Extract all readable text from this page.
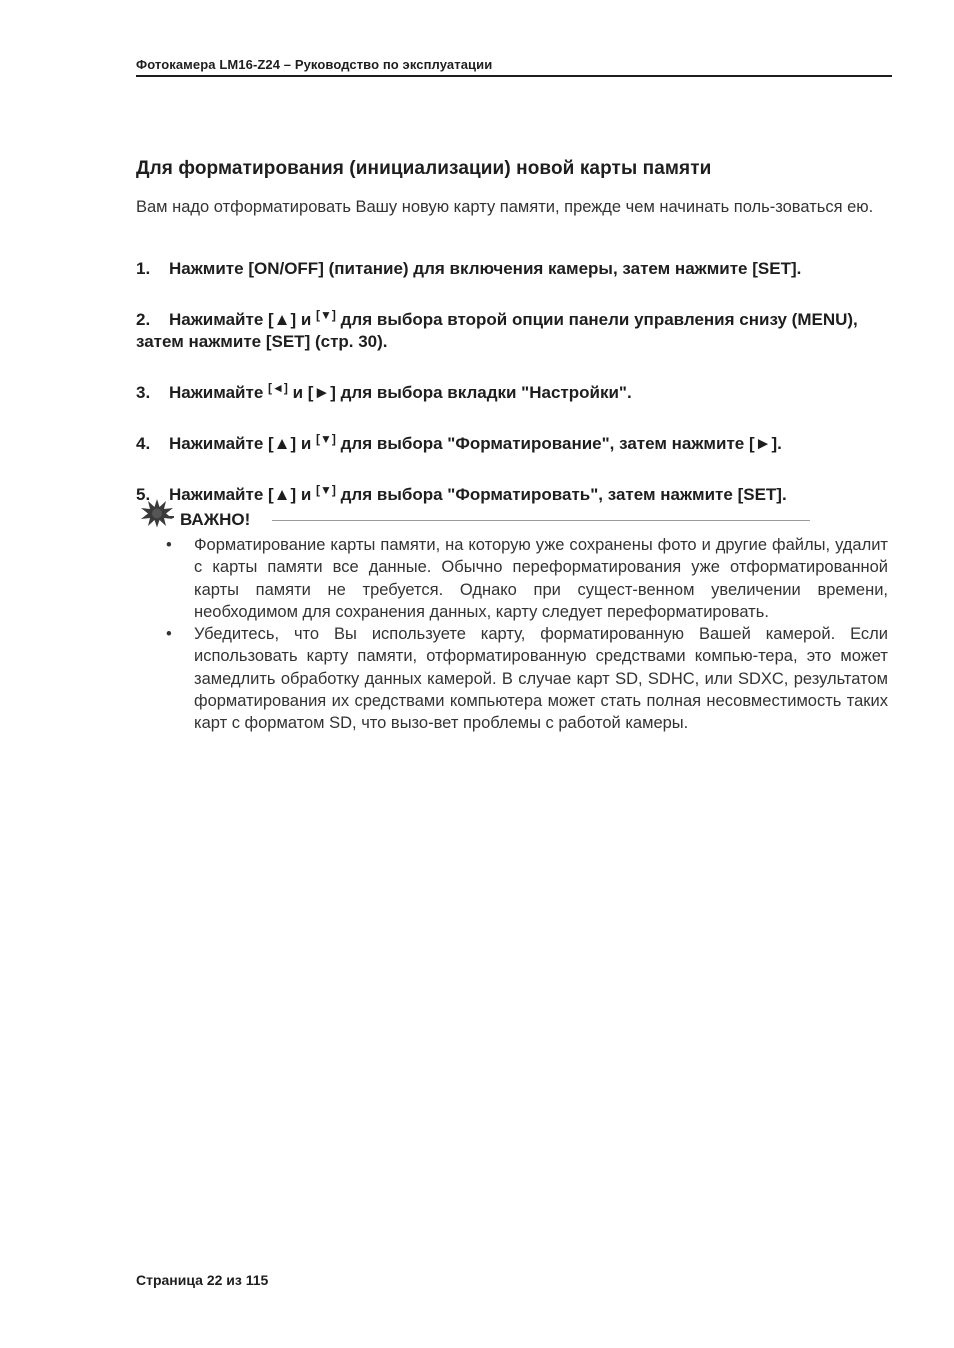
Фотокамера LM16-Z24 – Руководство по эксплуатации
Для форматирования (инициализации) новой карты памяти
Вам надо отформатировать Вашу новую карту памяти, прежде чем начинать поль-зоваться ею.
1. Нажмите [ON/OFF] (питание) для включения камеры, затем нажмите [SET].
2. Нажимайте [▲] и [▼] для выбора второй опции панели управления снизу (MENU), затем нажмите [SET] (стр. 30).
3. Нажимайте [◄] и [►] для выбора вкладки "Настройки".
4. Нажимайте [▲] и [▼] для выбора "Форматирование", затем нажмите [►].
5. Нажимайте [▲] и [▼] для выбора "Форматировать", затем нажмите [SET].
ВАЖНО!
• Форматирование карты памяти, на которую уже сохранены фото и другие файлы, удалит с карты памяти все данные. Обычно переформатирования уже отформатированной карты памяти не требуется. Однако при сущест-венном увеличении времени, необходимом для сохранения данных, карту следует переформатировать.
• Убедитесь, что Вы используете карту, форматированную Вашей камерой. Если использовать карту памяти, отформатированную средствами компью-тера, это может замедлить обработку данных камерой. В случае карт SD, SDHC, или SDXC, результатом форматирования их средствами компьютера может стать полная несовместимость таких карт с форматом SD, что вызо-вет проблемы с работой камеры.
Страница 22 из 115
